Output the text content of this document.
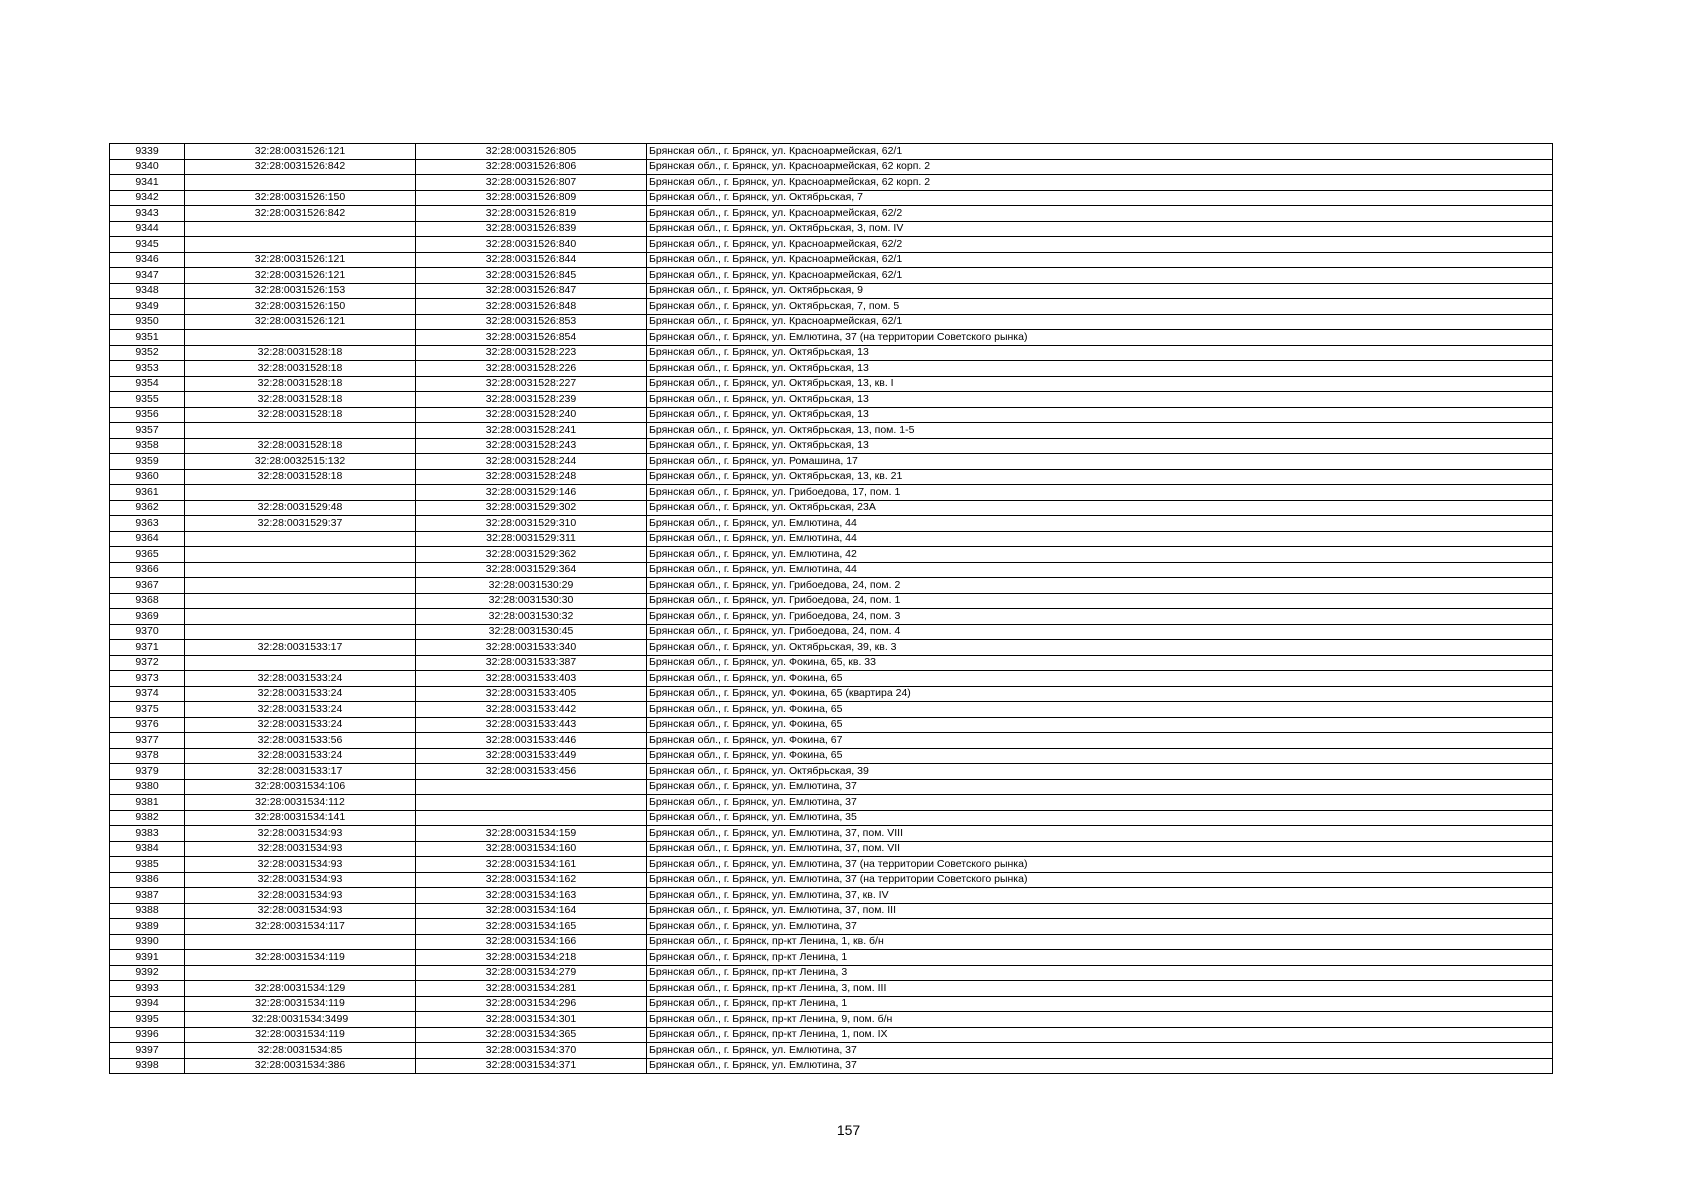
9339	32:28:0031526:121	32:28:0031526:805	Брянская обл., г. Брянск, ул. Красноармейская, 62/1
9340	32:28:0031526:842	32:28:0031526:806	Брянская обл., г. Брянск, ул. Красноармейская, 62 корп. 2
9341		32:28:0031526:807	Брянская обл., г. Брянск, ул. Красноармейская, 62 корп. 2
9342	32:28:0031526:150	32:28:0031526:809	Брянская обл., г. Брянск, ул. Октябрьская, 7
9343	32:28:0031526:842	32:28:0031526:819	Брянская обл., г. Брянск, ул. Красноармейская, 62/2
9344		32:28:0031526:839	Брянская обл., г. Брянск, ул. Октябрьская, 3, пом. IV
9345		32:28:0031526:840	Брянская обл., г. Брянск, ул. Красноармейская, 62/2
9346	32:28:0031526:121	32:28:0031526:844	Брянская обл., г. Брянск, ул. Красноармейская, 62/1
9347	32:28:0031526:121	32:28:0031526:845	Брянская обл., г. Брянск, ул. Красноармейская, 62/1
9348	32:28:0031526:153	32:28:0031526:847	Брянская обл., г. Брянск, ул. Октябрьская, 9
9349	32:28:0031526:150	32:28:0031526:848	Брянская обл., г. Брянск, ул. Октябрьская, 7, пом. 5
9350	32:28:0031526:121	32:28:0031526:853	Брянская обл., г. Брянск, ул. Красноармейская, 62/1
9351		32:28:0031526:854	Брянская обл., г. Брянск, ул. Емлютина, 37 (на территории Советского рынка)
9352	32:28:0031528:18	32:28:0031528:223	Брянская обл., г. Брянск, ул. Октябрьская, 13
9353	32:28:0031528:18	32:28:0031528:226	Брянская обл., г. Брянск, ул. Октябрьская, 13
9354	32:28:0031528:18	32:28:0031528:227	Брянская обл., г. Брянск, ул. Октябрьская, 13, кв. I
9355	32:28:0031528:18	32:28:0031528:239	Брянская обл., г. Брянск, ул. Октябрьская, 13
9356	32:28:0031528:18	32:28:0031528:240	Брянская обл., г. Брянск, ул. Октябрьская, 13
9357		32:28:0031528:241	Брянская обл., г. Брянск, ул. Октябрьская, 13, пом. 1-5
9358	32:28:0031528:18	32:28:0031528:243	Брянская обл., г. Брянск, ул. Октябрьская, 13
9359	32:28:0032515:132	32:28:0031528:244	Брянская обл., г. Брянск, ул. Ромашина, 17
9360	32:28:0031528:18	32:28:0031528:248	Брянская обл., г. Брянск, ул. Октябрьская, 13, кв. 21
9361		32:28:0031529:146	Брянская обл., г. Брянск, ул. Грибоедова, 17, пом. 1
9362	32:28:0031529:48	32:28:0031529:302	Брянская обл., г. Брянск, ул. Октябрьская, 23А
9363	32:28:0031529:37	32:28:0031529:310	Брянская обл., г. Брянск, ул. Емлютина, 44
9364		32:28:0031529:311	Брянская обл., г. Брянск, ул. Емлютина, 44
9365		32:28:0031529:362	Брянская обл., г. Брянск, ул. Емлютина, 42
9366		32:28:0031529:364	Брянская обл., г. Брянск, ул. Емлютина, 44
9367		32:28:0031530:29	Брянская обл., г. Брянск, ул. Грибоедова, 24, пом. 2
9368		32:28:0031530:30	Брянская обл., г. Брянск, ул. Грибоедова, 24, пом. 1
9369		32:28:0031530:32	Брянская обл., г. Брянск, ул. Грибоедова, 24, пом. 3
9370		32:28:0031530:45	Брянская обл., г. Брянск, ул. Грибоедова, 24, пом. 4
9371	32:28:0031533:17	32:28:0031533:340	Брянская обл., г. Брянск, ул. Октябрьская, 39, кв. 3
9372		32:28:0031533:387	Брянская обл., г. Брянск, ул. Фокина, 65, кв. 33
9373	32:28:0031533:24	32:28:0031533:403	Брянская обл., г. Брянск, ул. Фокина, 65
9374	32:28:0031533:24	32:28:0031533:405	Брянская обл., г. Брянск, ул. Фокина, 65 (квартира 24)
9375	32:28:0031533:24	32:28:0031533:442	Брянская обл., г. Брянск, ул. Фокина, 65
9376	32:28:0031533:24	32:28:0031533:443	Брянская обл., г. Брянск, ул. Фокина, 65
9377	32:28:0031533:56	32:28:0031533:446	Брянская обл., г. Брянск, ул. Фокина, 67
9378	32:28:0031533:24	32:28:0031533:449	Брянская обл., г. Брянск, ул. Фокина, 65
9379	32:28:0031533:17	32:28:0031533:456	Брянская обл., г. Брянск, ул. Октябрьская, 39
9380	32:28:0031534:106		Брянская обл., г. Брянск, ул. Емлютина, 37
9381	32:28:0031534:112		Брянская обл., г. Брянск, ул. Емлютина, 37
9382	32:28:0031534:141		Брянская обл., г. Брянск, ул. Емлютина, 35
9383	32:28:0031534:93	32:28:0031534:159	Брянская обл., г. Брянск, ул. Емлютина, 37, пом. VIII
9384	32:28:0031534:93	32:28:0031534:160	Брянская обл., г. Брянск, ул. Емлютина, 37, пом. VII
9385	32:28:0031534:93	32:28:0031534:161	Брянская обл., г. Брянск, ул. Емлютина, 37 (на территории Советского рынка)
9386	32:28:0031534:93	32:28:0031534:162	Брянская обл., г. Брянск, ул. Емлютина, 37 (на территории Советского рынка)
9387	32:28:0031534:93	32:28:0031534:163	Брянская обл., г. Брянск, ул. Емлютина, 37, кв. IV
9388	32:28:0031534:93	32:28:0031534:164	Брянская обл., г. Брянск, ул. Емлютина, 37, пом. III
9389	32:28:0031534:117	32:28:0031534:165	Брянская обл., г. Брянск, ул. Емлютина, 37
9390		32:28:0031534:166	Брянская обл., г. Брянск, пр-кт Ленина, 1, кв. б/н
9391	32:28:0031534:119	32:28:0031534:218	Брянская обл., г. Брянск, пр-кт Ленина, 1
9392		32:28:0031534:279	Брянская обл., г. Брянск, пр-кт Ленина, 3
9393	32:28:0031534:129	32:28:0031534:281	Брянская обл., г. Брянск, пр-кт Ленина, 3, пом. III
9394	32:28:0031534:119	32:28:0031534:296	Брянская обл., г. Брянск, пр-кт Ленина, 1
9395	32:28:0031534:3499	32:28:0031534:301	Брянская обл., г. Брянск, пр-кт Ленина, 9, пом. б/н
9396	32:28:0031534:119	32:28:0031534:365	Брянская обл., г. Брянск, пр-кт Ленина, 1, пом. IX
9397	32:28:0031534:85	32:28:0031534:370	Брянская обл., г. Брянск, ул. Емлютина, 37
9398	32:28:0031534:386	32:28:0031534:371	Брянская обл., г. Брянск, ул. Емлютина, 37
157
